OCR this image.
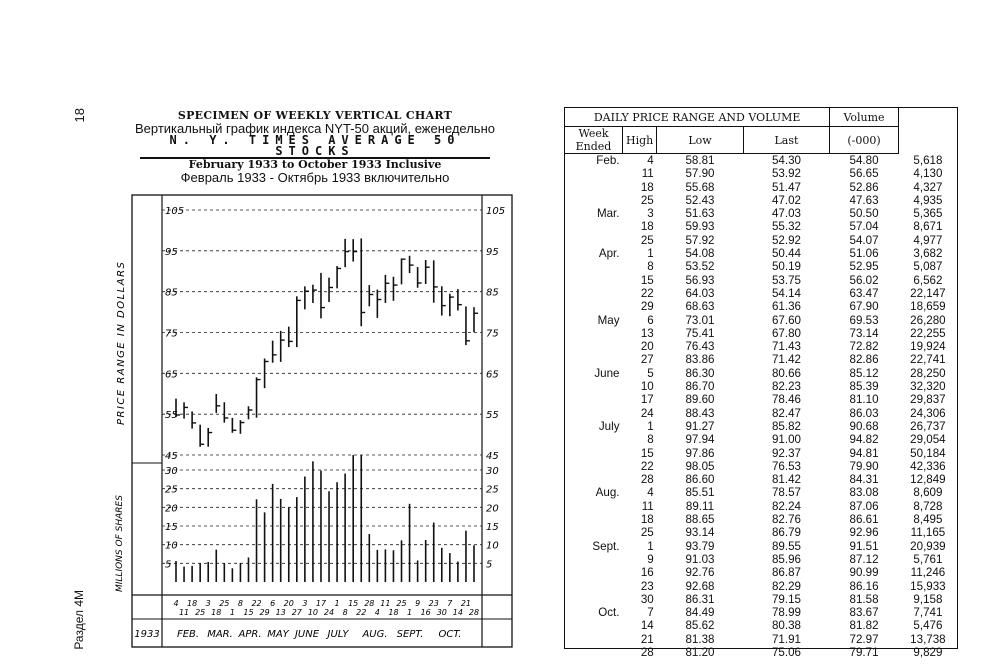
18
Раздел 4М
SPECIMEN OF WEEKLY VERTICAL CHART
Вертикальный график индекса NYT-50 акций, еженедельно
N. Y. TIMES AVERAGE 50 STOCKS
February 1933 to October 1933 Inclusive
Февраль 1933 - Октябрь 1933 включительно
105	105
95	95
85	85
75	75
65	65
55	55
45	45
30	30
25	25
20	20
15	15
10	10
5	5
PRICE RANGE IN DOLLARS
MILLIONS OF SHARES
4 18 3 25 8 22 6 20 3 17 1 15 28 11 25 9 23 7 21
11 25 18 1 15 29 13 27 10 24 8 22 4 18 1 16 30 14 28
FEB. MAR. APR. MAY JUNE JULY AUG. SEPT. OCT.
1933
DAILY PRICE RANGE AND VOLUME				Volume	
Week Ended	High	Low	Last	(-000)	
Feb.	4	58.81	54.30	54.80	5,618
	11	57.90	53.92	56.65	4,130
	18	55.68	51.47	52.86	4,327
	25	52.43	47.02	47.63	4,935
Mar.	3	51.63	47.03	50.50	5,365
	18	59.93	55.32	57.04	8,671
	25	57.92	52.92	54.07	4,977
Apr.	1	54.08	50.44	51.06	3,682
	8	53.52	50.19	52.95	5,087
	15	56.93	53.75	56.02	6,562
	22	64.03	54.14	63.47	22,147
	29	68.63	61.36	67.90	18,659
May	6	73.01	67.60	69.53	26,280
	13	75.41	67.80	73.14	22,255
	20	76.43	71.43	72.82	19,924
	27	83.86	71.42	82.86	22,741
June	5	86.30	80.66	85.12	28,250
	10	86.70	82.23	85.39	32,320
	17	89.60	78.46	81.10	29,837
	24	88.43	82.47	86.03	24,306
July	1	91.27	85.82	90.68	26,737
	8	97.94	91.00	94.82	29,054
	15	97.86	92.37	94.81	50,184
	22	98.05	76.53	79.90	42,336
	28	86.60	81.42	84.31	12,849
Aug.	4	85.51	78.57	83.08	8,609
	11	89.11	82.24	87.06	8,728
	18	88.65	82.76	86.61	8,495
	25	93.14	86.79	92.96	11,165
Sept.	1	93.79	89.55	91.51	20,939
	9	91.03	85.96	87.12	5,761
	16	92.76	86.87	90.99	11,246
	23	92.68	82.29	86.16	15,933
	30	86.31	79.15	81.58	9,158
Oct.	7	84.49	78.99	83.67	7,741
	14	85.62	80.38	81.82	5,476
	21	81.38	71.91	72.97	13,738
	28	81.20	75.06	79.71	9,829
